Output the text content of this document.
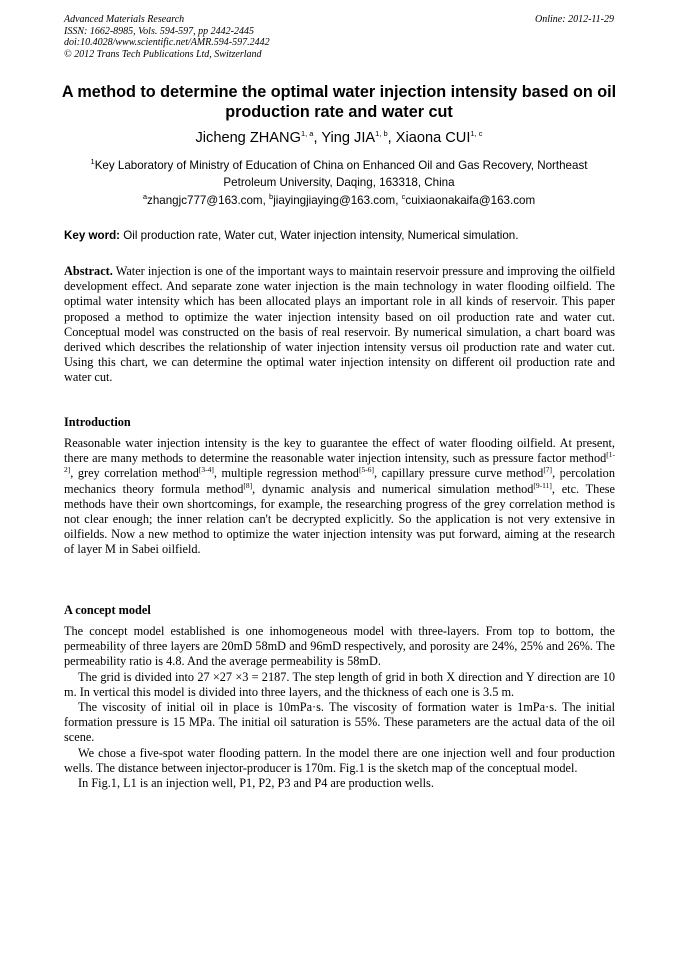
Advanced Materials Research
ISSN: 1662-8985, Vols. 594-597, pp 2442-2445
doi:10.4028/www.scientific.net/AMR.594-597.2442
© 2012 Trans Tech Publications Ltd, Switzerland
Online: 2012-11-29
A method to determine the optimal water injection intensity based on oil production rate and water cut
Jicheng ZHANG$^{1, a}$, Ying JIA$^{1, b}$, Xiaona CUI$^{1, c}$
$^1$Key Laboratory of Ministry of Education of China on Enhanced Oil and Gas Recovery, Northeast Petroleum University, Daqing, 163318, China
$^a$zhangjc777@163.com, $^b$jiayingjiaying@163.com, $^c$cuixiaonakaifa@163.com
Key word: Oil production rate, Water cut, Water injection intensity, Numerical simulation.

Abstract. Water injection is one of the important ways to maintain reservoir pressure and improving the oilfield development effect. And separate zone water injection is the main technology in water flooding oilfield. The optimal water intensity which has been allocated plays an important role in all kinds of reservoir. This paper proposed a method to optimize the water injection intensity based on oil production rate and water cut. Conceptual model was constructed on the basis of real reservoir. By numerical simulation, a chart board was derived which describes the relationship of water injection intensity versus oil production rate and water cut. Using this chart, we can determine the optimal water injection intensity on different oil production rate and water cut.

Introduction

Reasonable water injection intensity is the key to guarantee the effect of water flooding oilfield. At present, there are many methods to determine the reasonable water injection intensity, such as pressure factor method[1-2], grey correlation method[3-4], multiple regression method[5-6], capillary pressure curve method[7], percolation mechanics theory formula method[8], dynamic analysis and numerical simulation method[9-11], etc. These methods have their own shortcomings, for example, the researching progress of the grey correlation method is not clear enough; the inner relation can't be decrypted explicitly. So the application is not very extensive in oilfields. Now a new method to optimize the water injection intensity was put forward, aiming at the research of layer M in Sabei oilfield.

A concept model

The concept model established is one inhomogeneous model with three-layers. From top to bottom, the permeability of three layers are 20mD 58mD and 96mD respectively, and porosity are 24%, 25% and 26%. The permeability ratio is 4.8. And the average permeability is 58mD.

The grid is divided into 27 ×27 ×3 = 2187. The step length of grid in both X direction and Y direction are 10 m. In vertical this model is divided into three layers, and the thickness of each one is 3.5 m.

The viscosity of initial oil in place is 10mPa·s. The viscosity of formation water is 1mPa·s. The initial formation pressure is 15 MPa. The initial oil saturation is 55%. These parameters are the actual data of the oil scene.

We chose a five-spot water flooding pattern. In the model there are one injection well and four production wells. The distance between injector-producer is 170m. Fig.1 is the sketch map of the conceptual model.

In Fig.1, L1 is an injection well, P1, P2, P3 and P4 are production wells.
